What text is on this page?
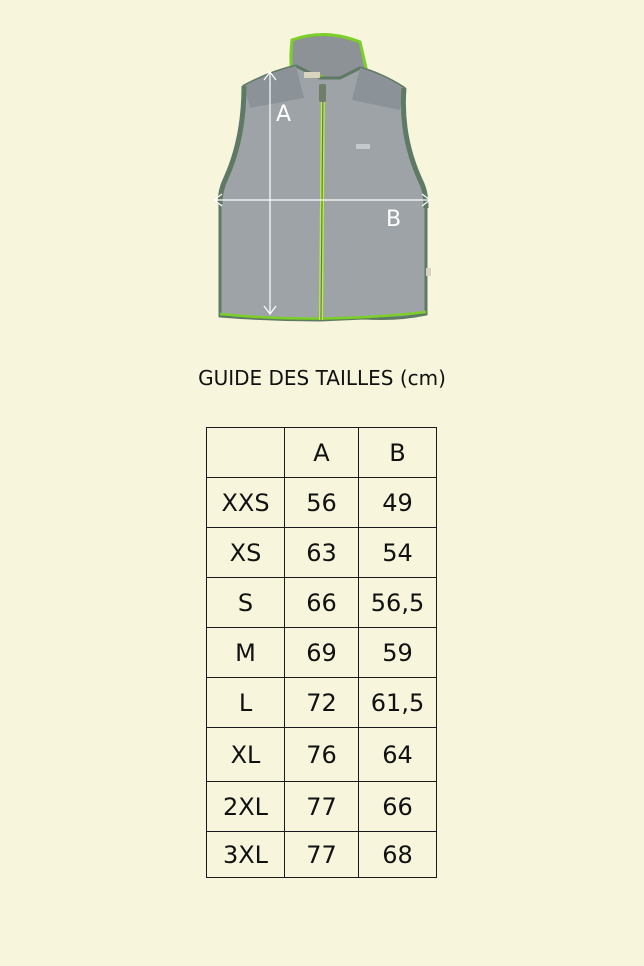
A
B

GUIDE DES TAILLES (cm)

	A	B
XXS	56	49
XS	63	54
S	66	56,5
M	69	59
L	72	61,5
XL	76	64
2XL	77	66
3XL	77	68
